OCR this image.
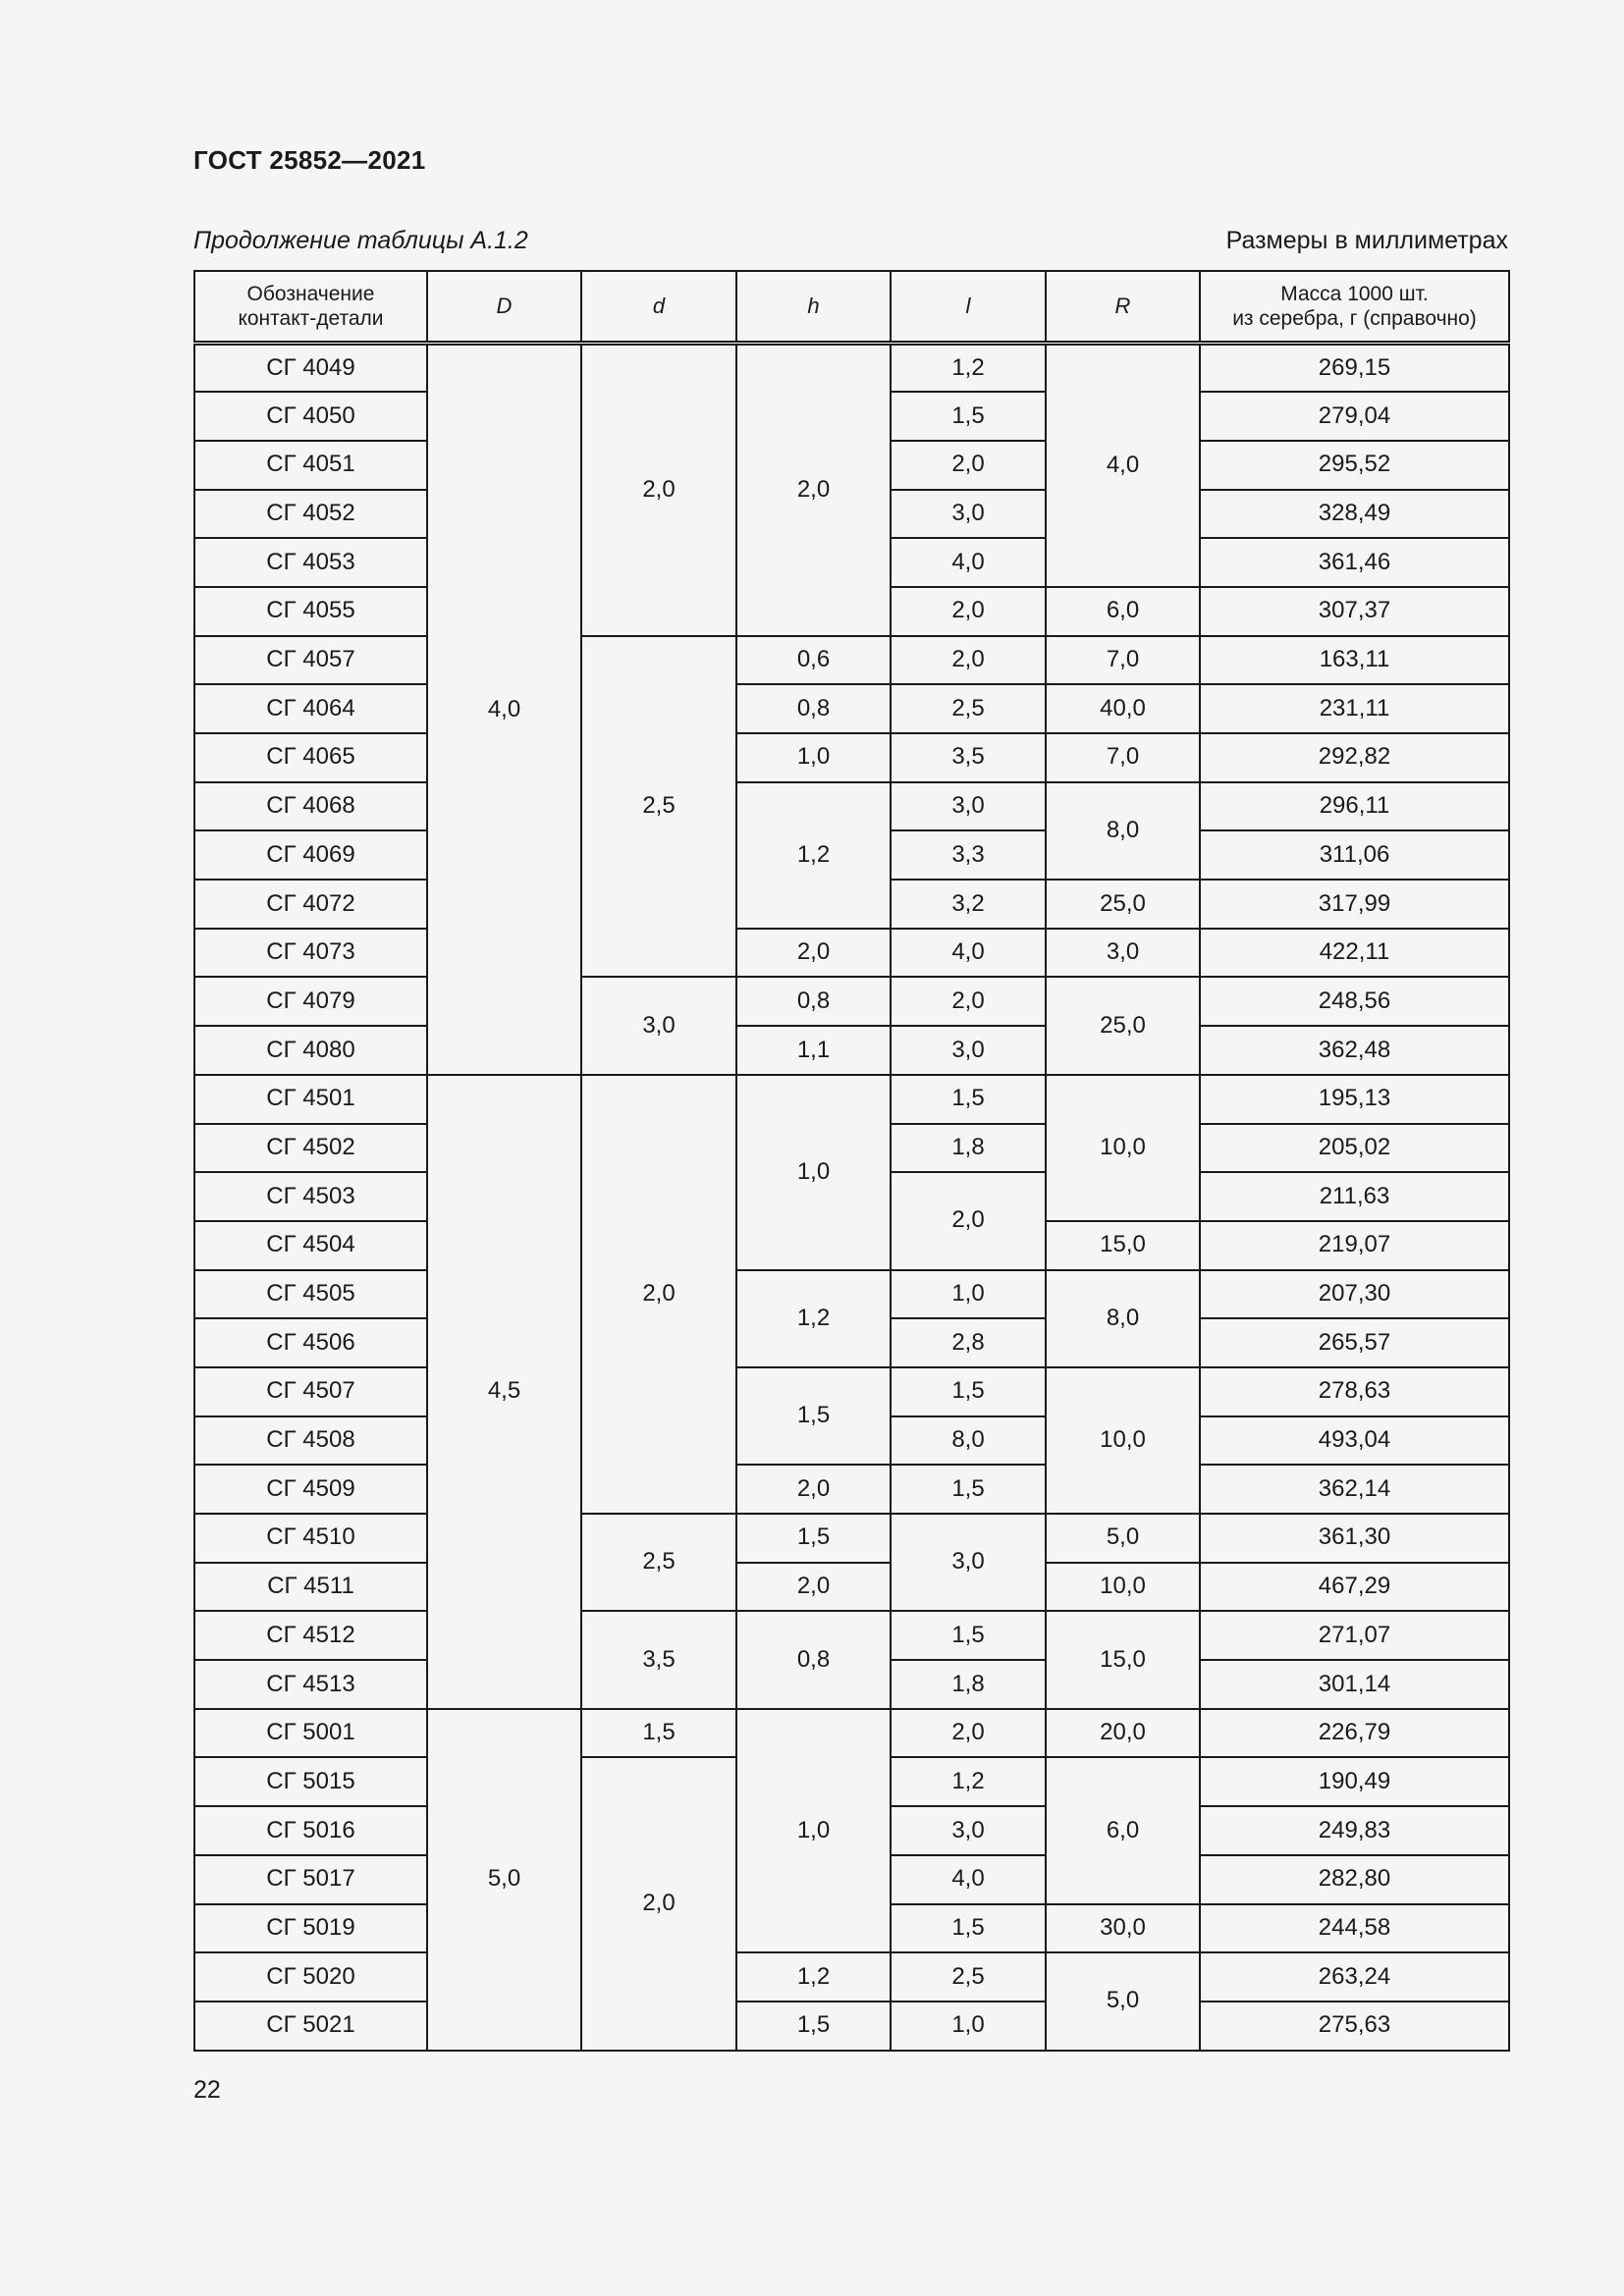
ГОСТ 25852—2021
Продолжение таблицы А.1.2	Размеры в миллиметрах
Обозначение
контакт-детали	D	d	h	l	R	Масса 1000 шт.
из серебра, г (справочно)
СГ 4049	4,0	2,0	2,0	1,2	4,0	269,15
СГ 4050				1,5		279,04
СГ 4051				2,0		295,52
СГ 4052				3,0		328,49
СГ 4053				4,0		361,46
СГ 4055				2,0	6,0	307,37
СГ 4057		2,5	0,6	2,0	7,0	163,11
СГ 4064			0,8	2,5	40,0	231,11
СГ 4065			1,0	3,5	7,0	292,82
СГ 4068			1,2	3,0	8,0	296,11
СГ 4069				3,3		311,06
СГ 4072				3,2	25,0	317,99
СГ 4073			2,0	4,0	3,0	422,11
СГ 4079		3,0	0,8	2,0	25,0	248,56
СГ 4080			1,1	3,0		362,48
СГ 4501	4,5	2,0	1,0	1,5	10,0	195,13
СГ 4502				1,8		205,02
СГ 4503				2,0		211,63
СГ 4504					15,0	219,07
СГ 4505			1,2	1,0	8,0	207,30
СГ 4506				2,8		265,57
СГ 4507			1,5	1,5	10,0	278,63
СГ 4508				8,0		493,04
СГ 4509			2,0	1,5		362,14
СГ 4510		2,5	1,5	3,0	5,0	361,30
СГ 4511			2,0		10,0	467,29
СГ 4512		3,5	0,8	1,5	15,0	271,07
СГ 4513				1,8		301,14
СГ 5001	5,0	1,5	1,0	2,0	20,0	226,79
СГ 5015		2,0		1,2	6,0	190,49
СГ 5016				3,0		249,83
СГ 5017				4,0		282,80
СГ 5019				1,5	30,0	244,58
СГ 5020			1,2	2,5	5,0	263,24
СГ 5021			1,5	1,0		275,63
22
